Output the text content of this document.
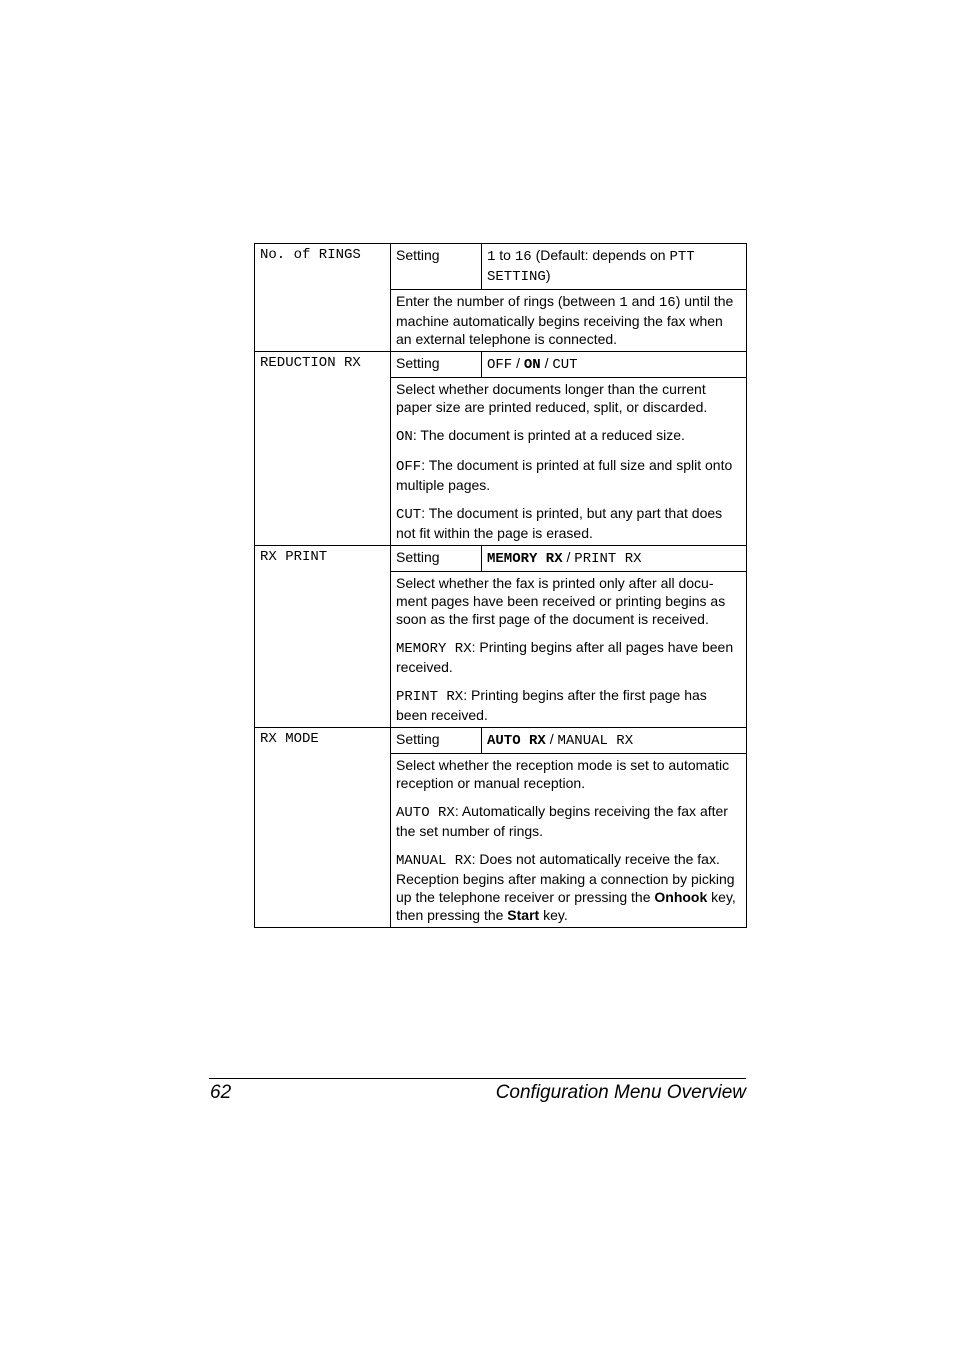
No. of RINGS	Setting	1 to 16 (Default: depends on PTT SETTING)

	Enter the number of rings (between 1 and 16) until the machine automatically begins receiving the fax when an external telephone is connected.	

REDUCTION RX	Setting	OFF / ON / CUT

	Select whether documents longer than the current paper size are printed reduced, split, or discarded.

ON: The document is printed at a reduced size.

OFF: The document is printed at full size and split onto multiple pages.

CUT: The document is printed, but any part that does not fit within the page is erased.	

RX PRINT	Setting	MEMORY RX / PRINT RX

	Select whether the fax is printed only after all docu-ment pages have been received or printing begins as soon as the first page of the document is received.

MEMORY RX: Printing begins after all pages have been received.

PRINT RX: Printing begins after the first page has been received.	

RX MODE	Setting	AUTO RX / MANUAL RX

	Select whether the reception mode is set to automatic reception or manual reception.

AUTO RX: Automatically begins receiving the fax after the set number of rings.

MANUAL RX: Does not automatically receive the fax. Reception begins after making a connection by picking up the telephone receiver or pressing the Onhook key, then pressing the Start key.	

62	Configuration Menu Overview
